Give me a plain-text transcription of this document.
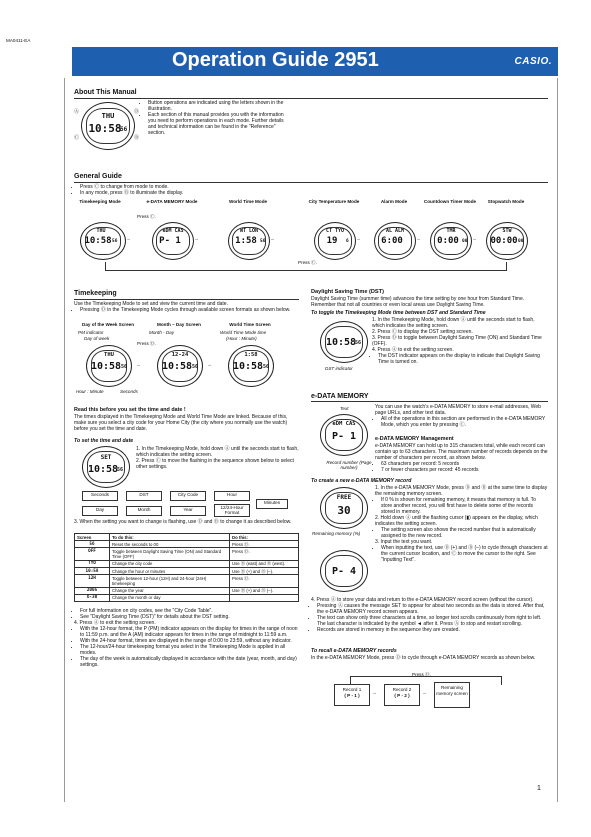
MA0411-EA
Operation Guide 2951	CASIO.
About This Manual
THU
10:58
56
Ⓐ	Ⓓ
Ⓒ	Ⓑ
• Button operations are indicated using the letters shown in the illustration.
• Each section of this manual provides you with the information you need to perform operations in each mode. Further details and technical information can be found in the "Reference" section.
General Guide
• Press Ⓒ to change from mode to mode.
• In any mode, press Ⓑ to illuminate the display.
Timekeeping Mode
THU
10:58 56
→
e-DATA MEMORY Mode
eDM CAS
P- 1	→
World Time Mode
WT LON
1:58 56
→
City Temperature Mode
CT TYO
19	6
→
Alarm Mode
AL ALM
6:00	→
Countdown Timer Mode
TMR
0:00 00
→
Stopwatch Mode
STW
00:00 00
Press Ⓒ.
Press Ⓒ.
Timekeeping
Use the Timekeeping Mode to set and view the current time and date.
• Pressing Ⓓ in the Timekeeping Mode cycles through available screen formats as shown below.
Day of the Week Screen
PM indicator
Day of week
THU
10:58 56 →
Month – Day Screen
Month - Day
12-24
10:58 56 →
World Time Screen
World Time Mode time
(Hour : Minute)
1:58
10:58 56
Press Ⓓ.
Hour : Minute	Seconds
Read this before you set the time and date !
The times displayed in the Timekeeping Mode and World Time Mode are linked. Because of this, make sure you select a city code for your Home City (the city where you normally use the watch) before you set the time and date.
To set the time and date
SET
10:58
56
1. In the Timekeeping Mode, hold down Ⓐ until the seconds start to flash, which indicates the setting screen.
2. Press Ⓒ to move the flashing in the sequence shown below to select other settings.
Seconds	DST	City Code	Hour
Minutes
Day	Month	Year	12/24-Hour Format
3. When the setting you want to change is flashing, use Ⓓ and Ⓑ to change it as described below.
Screen	To do this:	Do this:
56	Reset the seconds to 00	Press Ⓓ.
OFF	Toggle between Daylight Saving Time (ON) and Standard Time (OFF)	Press Ⓓ.
TYO	Change the city code	Use Ⓓ (east) and Ⓑ (west).
10:58	Change the hour or minutes	Use Ⓓ (+) and Ⓑ (–).
12H	Toggle between 12-hour (12H) and 24-hour (24H) timekeeping	Press Ⓓ.
2005	Change the year	Use Ⓓ (+) and Ⓑ (–).
6-30	Change the month or day	
• For full information on city codes, see the "City Code Table".
• See "Daylight Saving Time (DST)" for details about the DST setting.
4. Press Ⓐ to exit the setting screen.
• With the 12-hour format, the P (PM) indicator appears on the display for times in the range of noon to 11:59 p.m. and the A (AM) indicator appears for times in the range of midnight to 11:59 a.m.
• With the 24-hour format, times are displayed in the range of 0:00 to 23:59, without any indicator.
• The 12-hour/24-hour timekeeping format you select in the Timekeeping Mode is applied in all modes.
• The day of the week is automatically displayed in accordance with the date (year, month, and day) settings.
Daylight Saving Time (DST)
Daylight Saving Time (summer time) advances the time setting by one hour from Standard Time. Remember that not all countries or even local areas use Daylight Saving Time.
To toggle the Timekeeping Mode time between DST and Standard Time
10:58
56
DST indicator
1. In the Timekeeping Mode, hold down Ⓐ until the seconds start to flash, which indicates the setting screen.
2. Press Ⓒ to display the DST setting screen.
3. Press Ⓓ to toggle between Daylight Saving Time (ON) and Standard Time (OFF).
4. Press Ⓐ to exit the setting screen.
• The DST indicator appears on the display to indicate that Daylight Saving Time is turned on.
e-DATA MEMORY
Text
eDM CAS
P- 1
Record number (Page number)
You can use the watch's e-DATA MEMORY to store e-mail addresses, Web page URLs, and other text data.
• All of the operations in this section are performed in the e-DATA MEMORY Mode, which you enter by pressing Ⓒ.
e-DATA MEMORY Management
e-DATA MEMORY can hold up to 315 characters total, while each record can contain up to 63 characters. The maximum number of records depends on the number of characters per record, as shown below.
• 63 characters per record: 5 records
• 7 or fewer characters per record: 45 records
To create a new e-DATA MEMORY record
FREE
30
Remaining memory (%)
P- 4
1. In the e-DATA MEMORY Mode, press Ⓓ and Ⓑ at the same time to display the remaining memory screen.
• If 0 % is shown for remaining memory, it means that memory is full. To store another record, you will first have to delete some of the records stored in memory.
2. Hold down Ⓐ until the flashing cursor (▮) appears on the display, which indicates the setting screen.
• The setting screen also shows the record number that is automatically assigned to the new record.
3. Input the text you want.
• When inputting the text, use Ⓓ (+) and Ⓑ (–) to cycle through characters at the current cursor location, and Ⓒ to move the cursor to the right. See "Inputting Text".
4. Press Ⓐ to store your data and return to the e-DATA MEMORY record screen (without the cursor).
• Pressing Ⓐ causes the message SET to appear for about two seconds as the data is stored. After that, the e-DATA MEMORY record screen appears.
• The text can show only three characters at a time, so longer text scrolls continuously from right to left. The last character is indicated by the symbol ◄ after it. Press Ⓐ to stop and restart scrolling.
• Records are stored in memory in the sequence they are created.
To recall e-DATA MEMORY records
In the e-DATA MEMORY Mode, press Ⓓ to cycle through e-DATA MEMORY records as shown below.
Press Ⓓ.
Record 1
( P - 1 )
→
Record 2
( P - 2 )
→
Remaining memory screen
1
